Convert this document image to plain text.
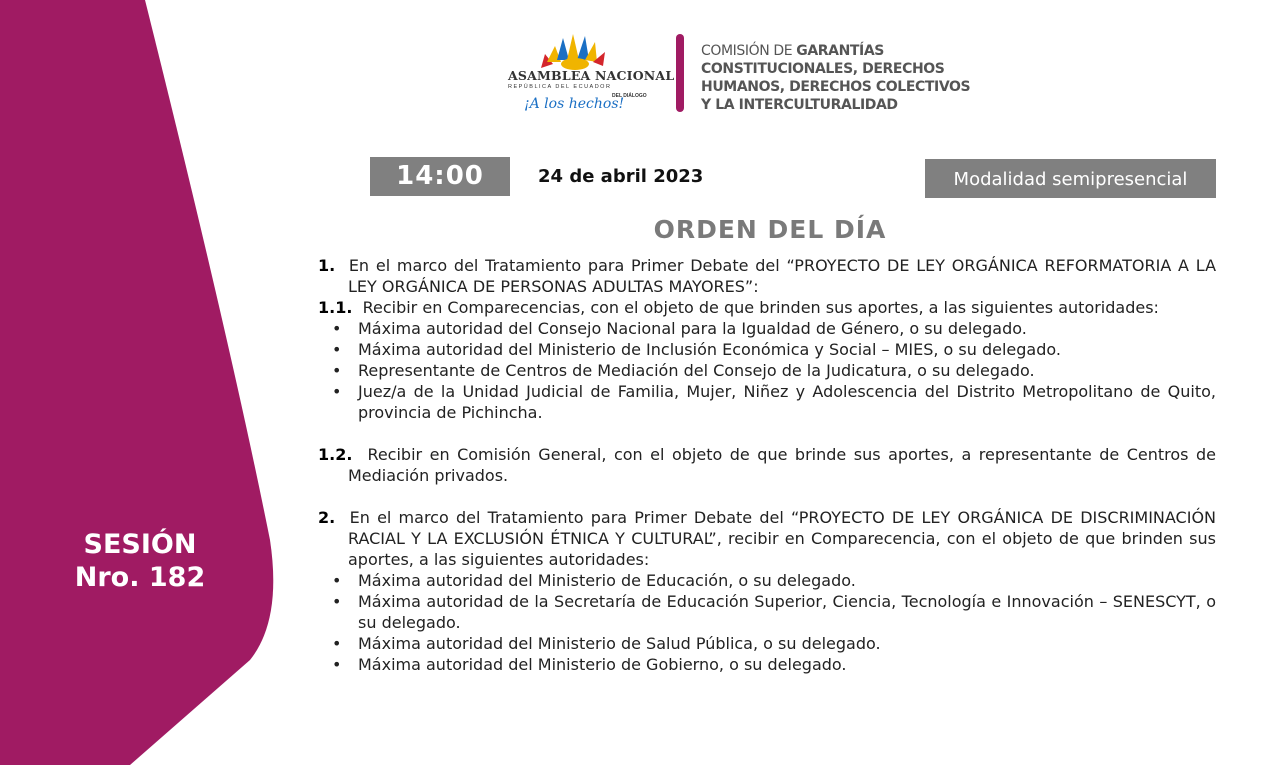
SESIÓN
Nro. 182
ASAMBLEA NACIONAL
REPÚBLICA DEL ECUADOR
DEL DIÁLOGO
¡A los hechos!
COMISIÓN DE GARANTÍAS
CONSTITUCIONALES, DERECHOS
HUMANOS, DERECHOS COLECTIVOS
Y LA INTERCULTURALIDAD
14:00	24 de abril 2023	Modalidad semipresencial
ORDEN DEL DÍA
1. En el marco del Tratamiento para Primer Debate del “PROYECTO DE LEY ORGÁNICA REFORMATORIA A LA LEY ORGÁNICA DE PERSONAS ADULTAS MAYORES”:
1.1. Recibir en Comparecencias, con el objeto de que brinden sus aportes, a las siguientes autoridades:
• Máxima autoridad del Consejo Nacional para la Igualdad de Género, o su delegado.
• Máxima autoridad del Ministerio de Inclusión Económica y Social – MIES, o su delegado.
• Representante de Centros de Mediación del Consejo de la Judicatura, o su delegado.
• Juez/a de la Unidad Judicial de Familia, Mujer, Niñez y Adolescencia del Distrito Metropolitano de Quito, provincia de Pichincha.
1.2. Recibir en Comisión General, con el objeto de que brinde sus aportes, a representante de Centros de Mediación privados.
2. En el marco del Tratamiento para Primer Debate del “PROYECTO DE LEY ORGÁNICA DE DISCRIMINACIÓN RACIAL Y LA EXCLUSIÓN ÉTNICA Y CULTURAL”, recibir en Comparecencia, con el objeto de que brinden sus aportes, a las siguientes autoridades:
• Máxima autoridad del Ministerio de Educación, o su delegado.
• Máxima autoridad de la Secretaría de Educación Superior, Ciencia, Tecnología e Innovación – SENESCYT, o su delegado.
• Máxima autoridad del Ministerio de Salud Pública, o su delegado.
• Máxima autoridad del Ministerio de Gobierno, o su delegado.
